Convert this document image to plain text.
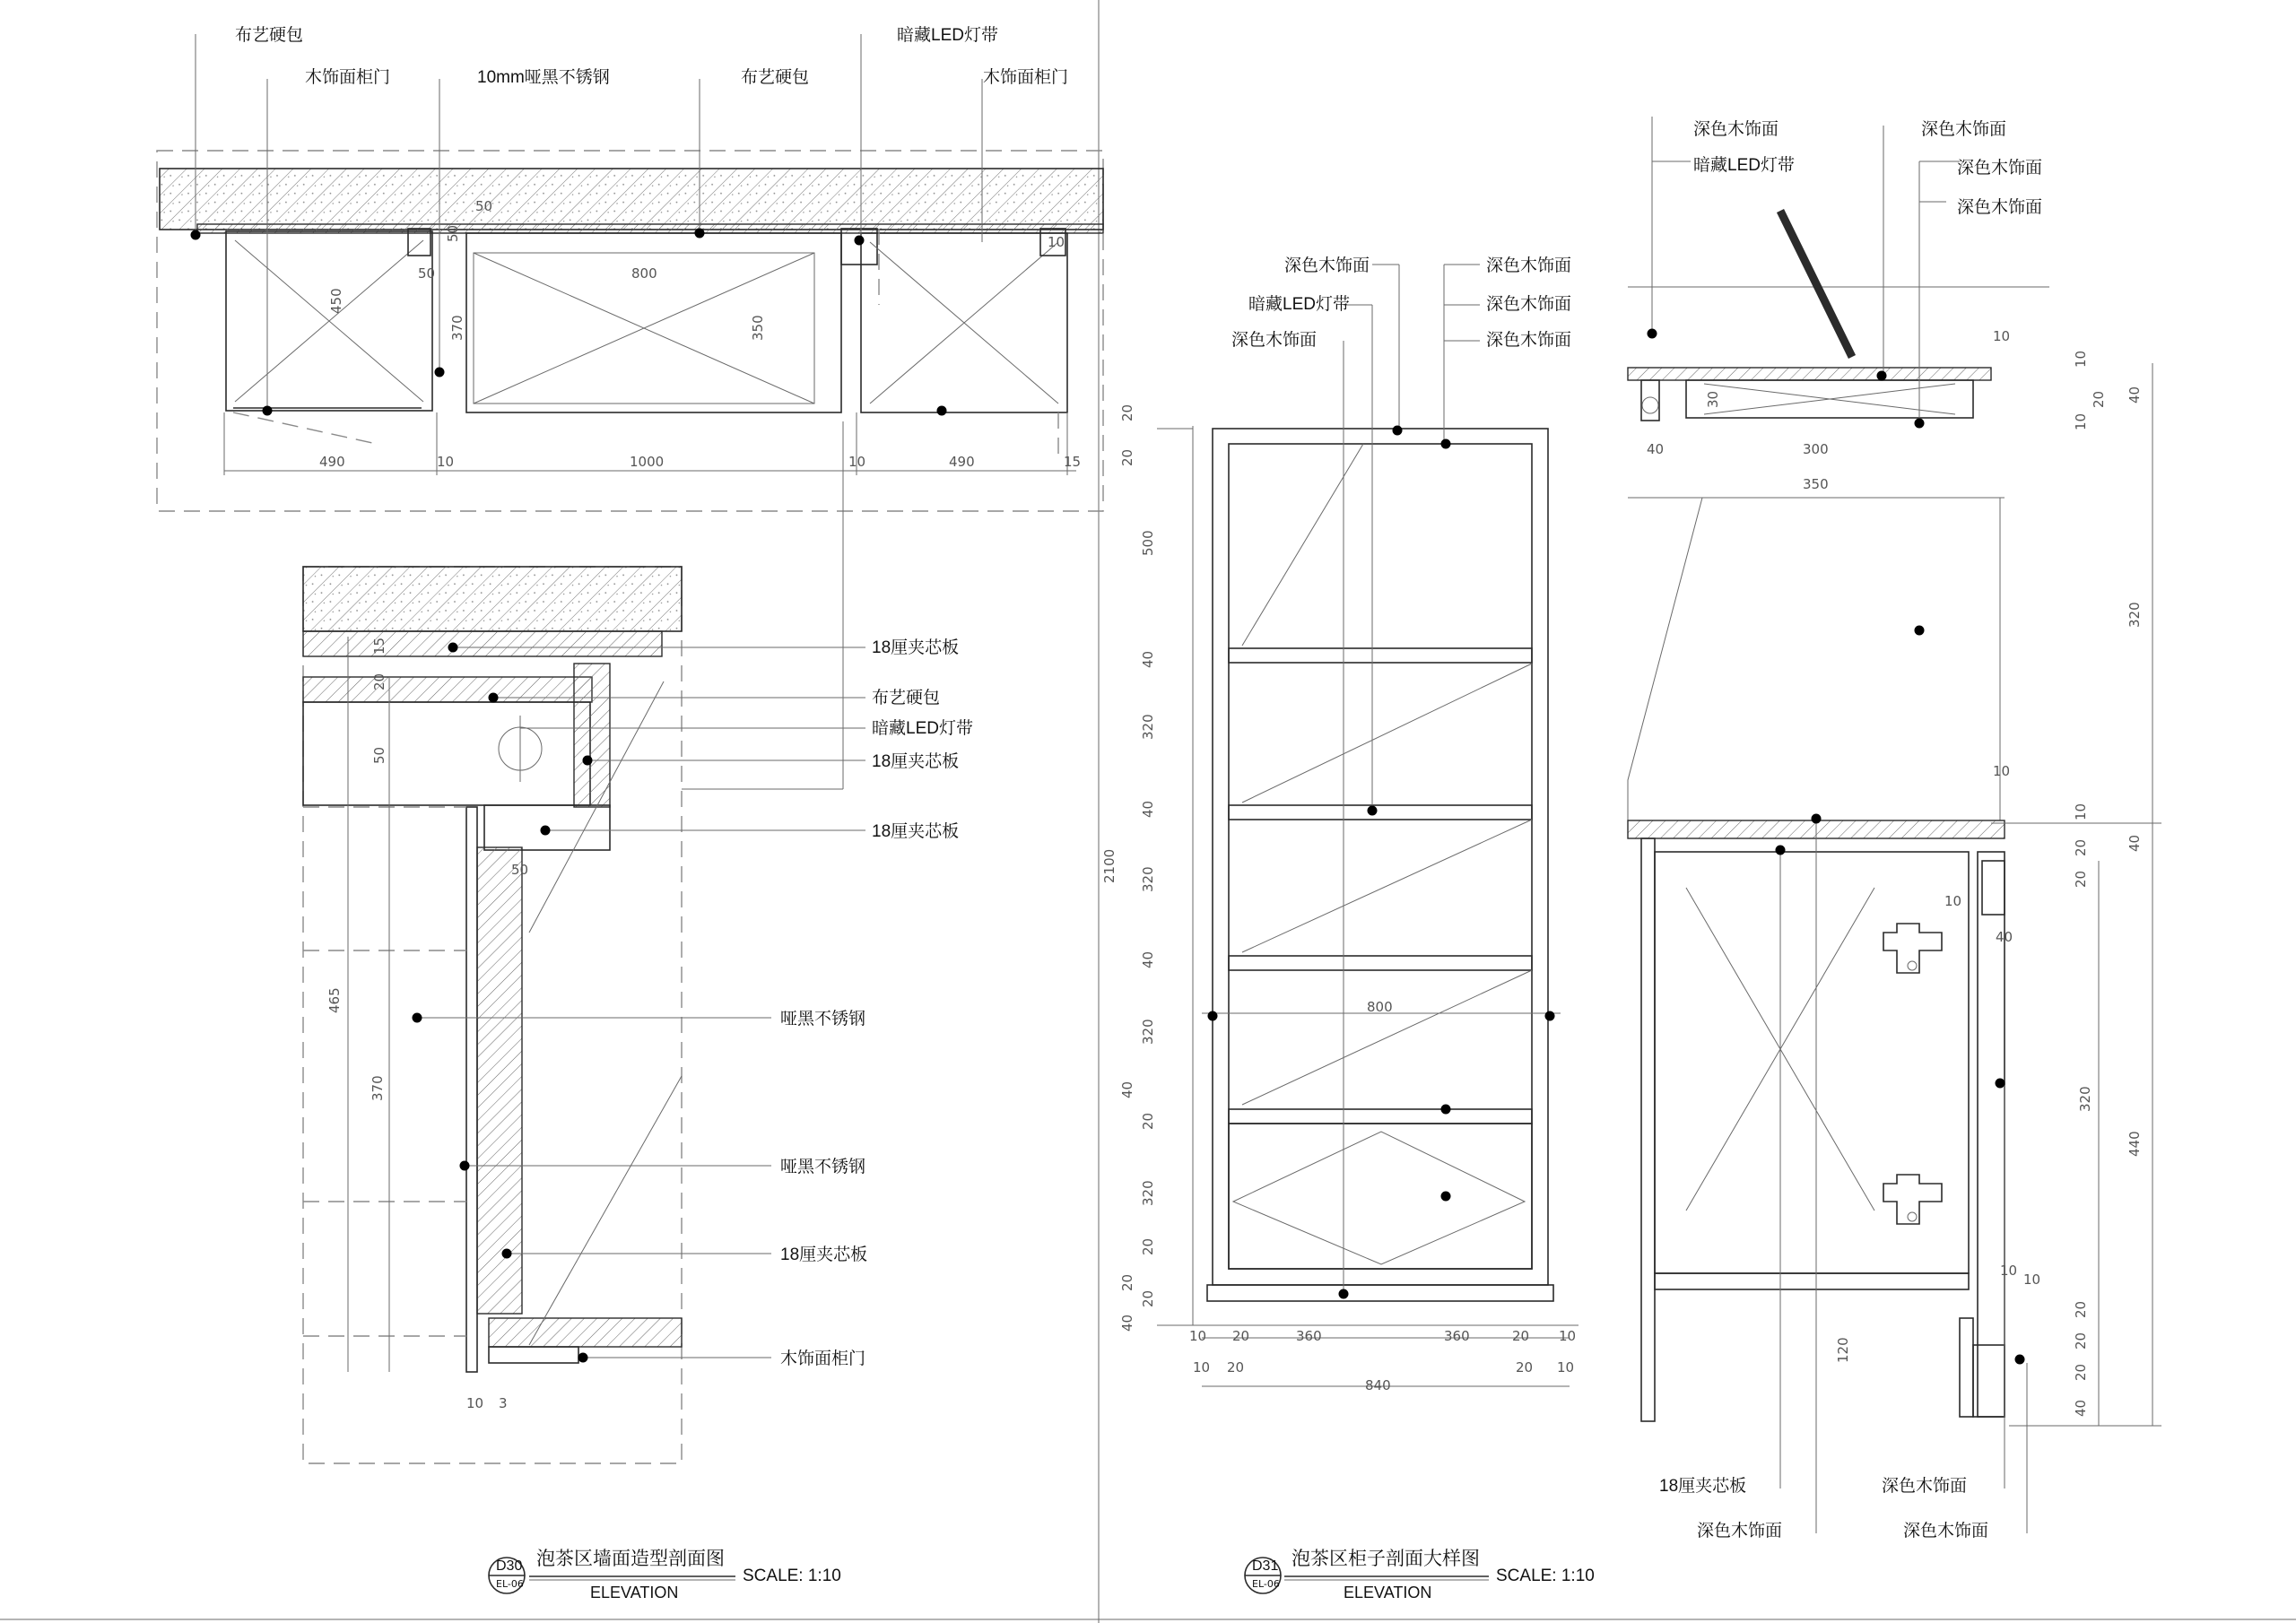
布艺硬包
木饰面柜门	10mm哑黑不锈钢	布艺硬包
暗藏LED灯带
木饰面柜门
50
450
370
50
800
350
490	1000	10	490
10	15
10
50
18厘夹芯板
布艺硬包
暗藏LED灯带
18厘夹芯板
18厘夹芯板
哑黑不锈钢
哑黑不锈钢
18厘夹芯板
木饰面柜门
15
20
50
50
465
370
10 3
D30
EL-06
泡茶区墙面造型剖面图
ELEVATION
SCALE: 1:10
深色木饰面
暗藏LED灯带
深色木饰面
深色木饰面
深色木饰面
深色木饰面
20
20
500
40
320
40
320
40
320
40
20
320
20
20
20
40
2100
10 20	360	360	20 10
10 20	20 10
840
800
深色木饰面
暗藏LED灯带
深色木饰面
深色木饰面
深色木饰面
18厘夹芯板
深色木饰面
深色木饰面
深色木饰面
10
30
40	300
350
10
10
20 40
10
320
10
20	40
10
20
40
320
10
10
120
20
20
20
40
440
D31
EL-06
泡茶区柜子剖面大样图
ELEVATION
SCALE: 1:10
